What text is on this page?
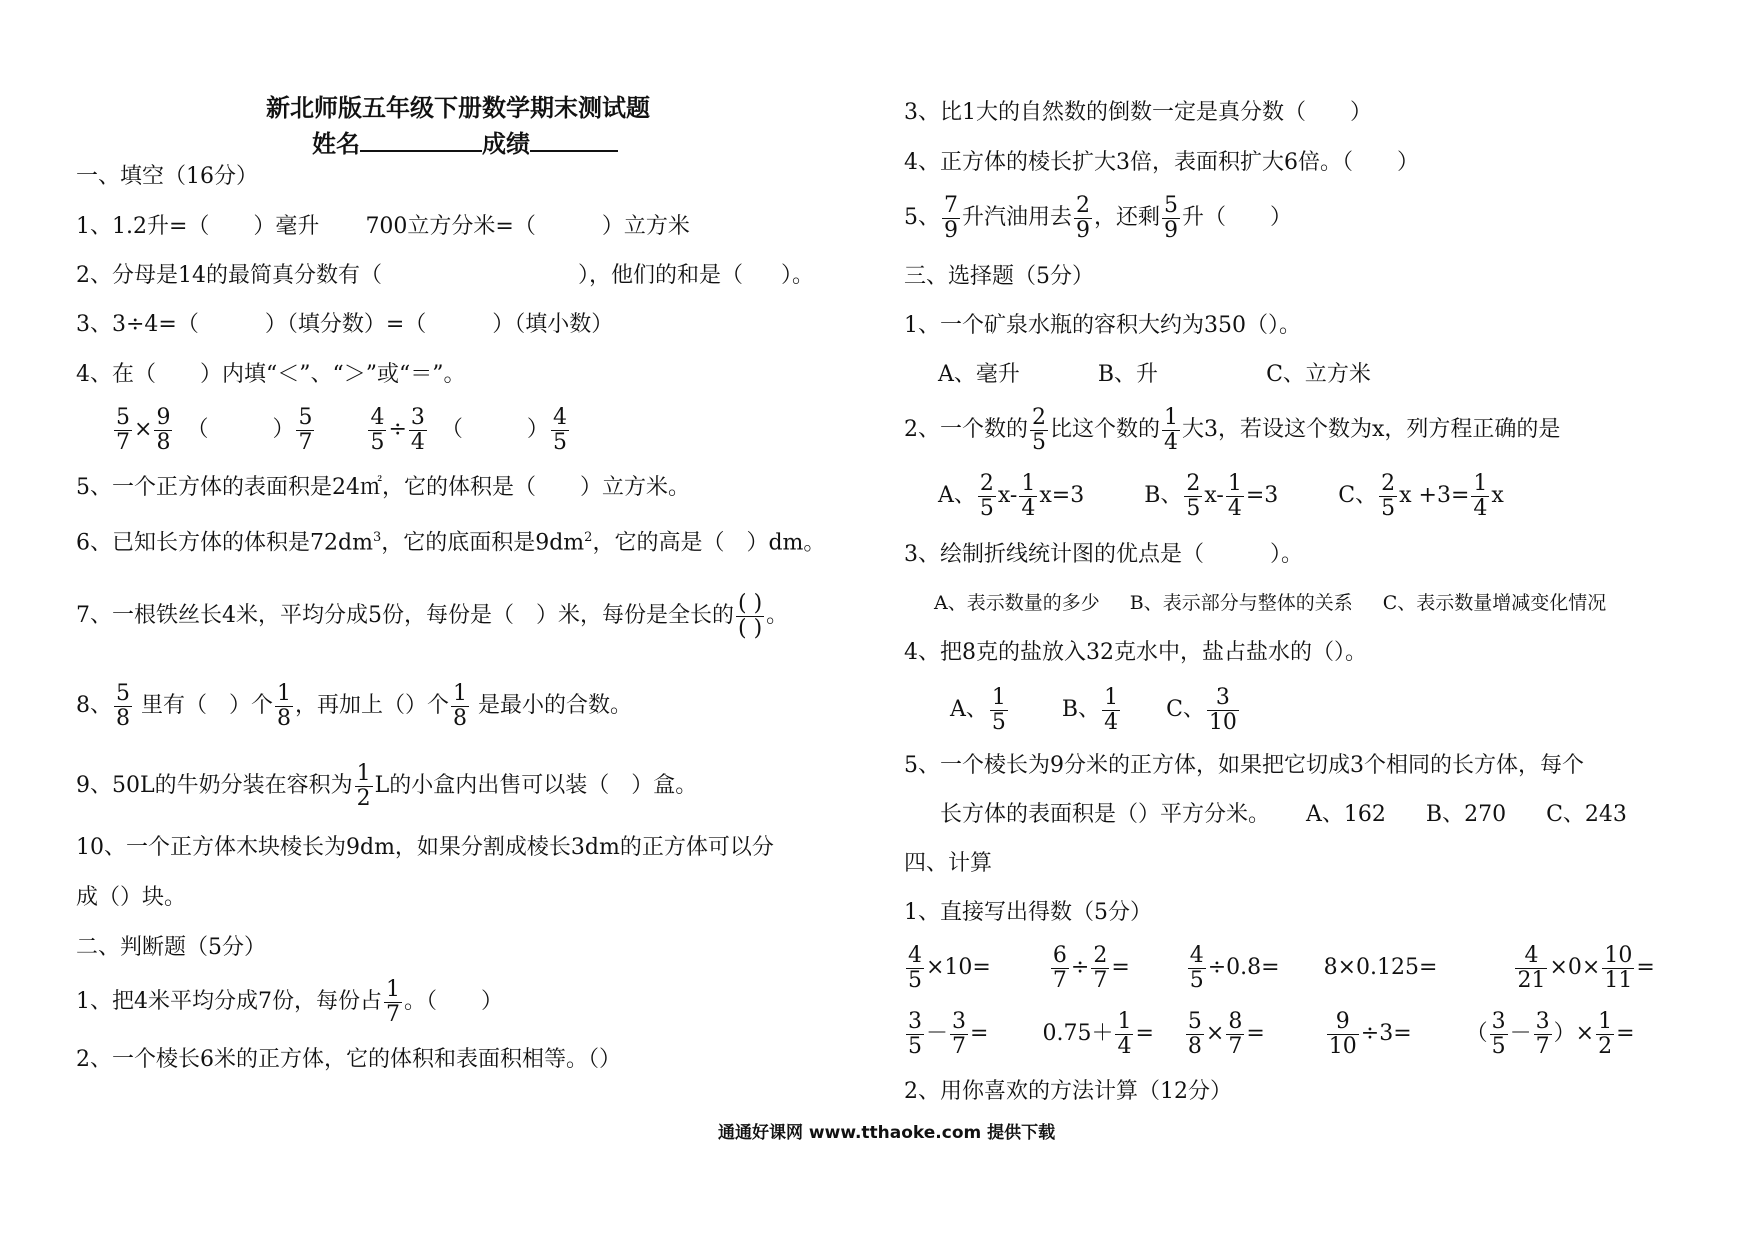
新北师版五年级下册数学期末测试题
姓名	成绩
一、填空（16分）
1、1.2升=（ ）毫升 700立方分米=（	）立方米
2、分母是14的最简真分数有（	），他们的和是（ ）。
3、3÷4=（	）（填分数）=（	）（填小数）
4、在（　　）内填“＜”、“＞”或“＝”。
$\frac{5}{7} \times \frac{9}{8}$ （	） $\frac{5}{7} \frac{4}{5} \div \frac{3}{4}$ （	） $\frac{4}{5}$
5、一个正方体的表面积是24㎡，它的体积是（　　）立方米。
6、已知长方体的体积是$72dm^3$，它的底面积是$9dm^2$，它的高是（　）dm。
7、一根铁丝长4米，平均分成5份，每份是（　）米，每份是全长的 $\frac{( )}{( )}$ 。
8、 $\frac{5}{8}$ 里有（　）个 $\frac{1}{8}$ ，再加上（）个 $\frac{1}{8}$ 是最小的合数。
9、50L的牛奶分装在容积为 $\frac{1}{2}$ L的小盒内出售可以装（　）盒。
10、一个正方体木块棱长为9dm，如果分割成棱长3dm的正方体可以分
成（）块。
二、判断题（5分）
1、把4米平均分成7份，每份占 $\frac{1}{7}$ 。（　　）
2、一个棱长6米的正方体，它的体积和表面积相等。（）
3、比1大的自然数的倒数一定是真分数（　　）
4、正方体的棱长扩大3倍，表面积扩大6倍。（　　）
5、 $\frac{7}{9}$ 升汽油用去 $\frac{2}{9}$ ，还剩 $\frac{5}{9}$ 升（　　）
三、选择题（5分）
1、一个矿泉水瓶的容积大约为350（）。
A、毫升	B、升	C、立方米
2、一个数的 $\frac{2}{5}$ 比这个数的 $\frac{1}{4}$ 大3，若设这个数为x，列方程正确的是
A、 $\frac{2}{5} x- \frac{1}{4} x=3$	B、 $\frac{2}{5} x- \frac{1}{4} =3$	C、 $\frac{2}{5}$ $x +3= \frac{1}{4}$ x
3、绘制折线统计图的优点是（　　　）。
A、表示数量的多少 B、表示部分与整体的关系 C、表示数量增减变化情况
4、把8克的盐放入32克水中，盐占盐水的（）。
A、 $\frac{1}{5}$ B、 $\frac{1}{4}$ C、 $\frac{3}{10}$
5、一个棱长为9分米的正方体，如果把它切成3个相同的长方体，每个
长方体的表面积是（）平方分米。 A、162 B、270 C、243
四、计算
1、直接写出得数（5分）
$\frac{4}{5} \times 10=$	$\frac{6}{7} \div \frac{2}{7}$ =	$\frac{4}{5} \div 0.8= 8\times 0.125=$	$\frac{4}{21} \times 0\times \frac{10}{11}$ =
$\frac{3}{5} - \frac{3}{7} = 0.75+ \frac{1}{4} = \frac{5}{8} \times \frac{8}{7}$ =	$\frac{9}{10} \div 3=$ （ $\frac{3}{5} - \frac{3}{7}$ ）× $\frac{1}{2}$ =
2、用你喜欢的方法计算（12分）
通通好课网 www.tthaoke.com 提供下载
